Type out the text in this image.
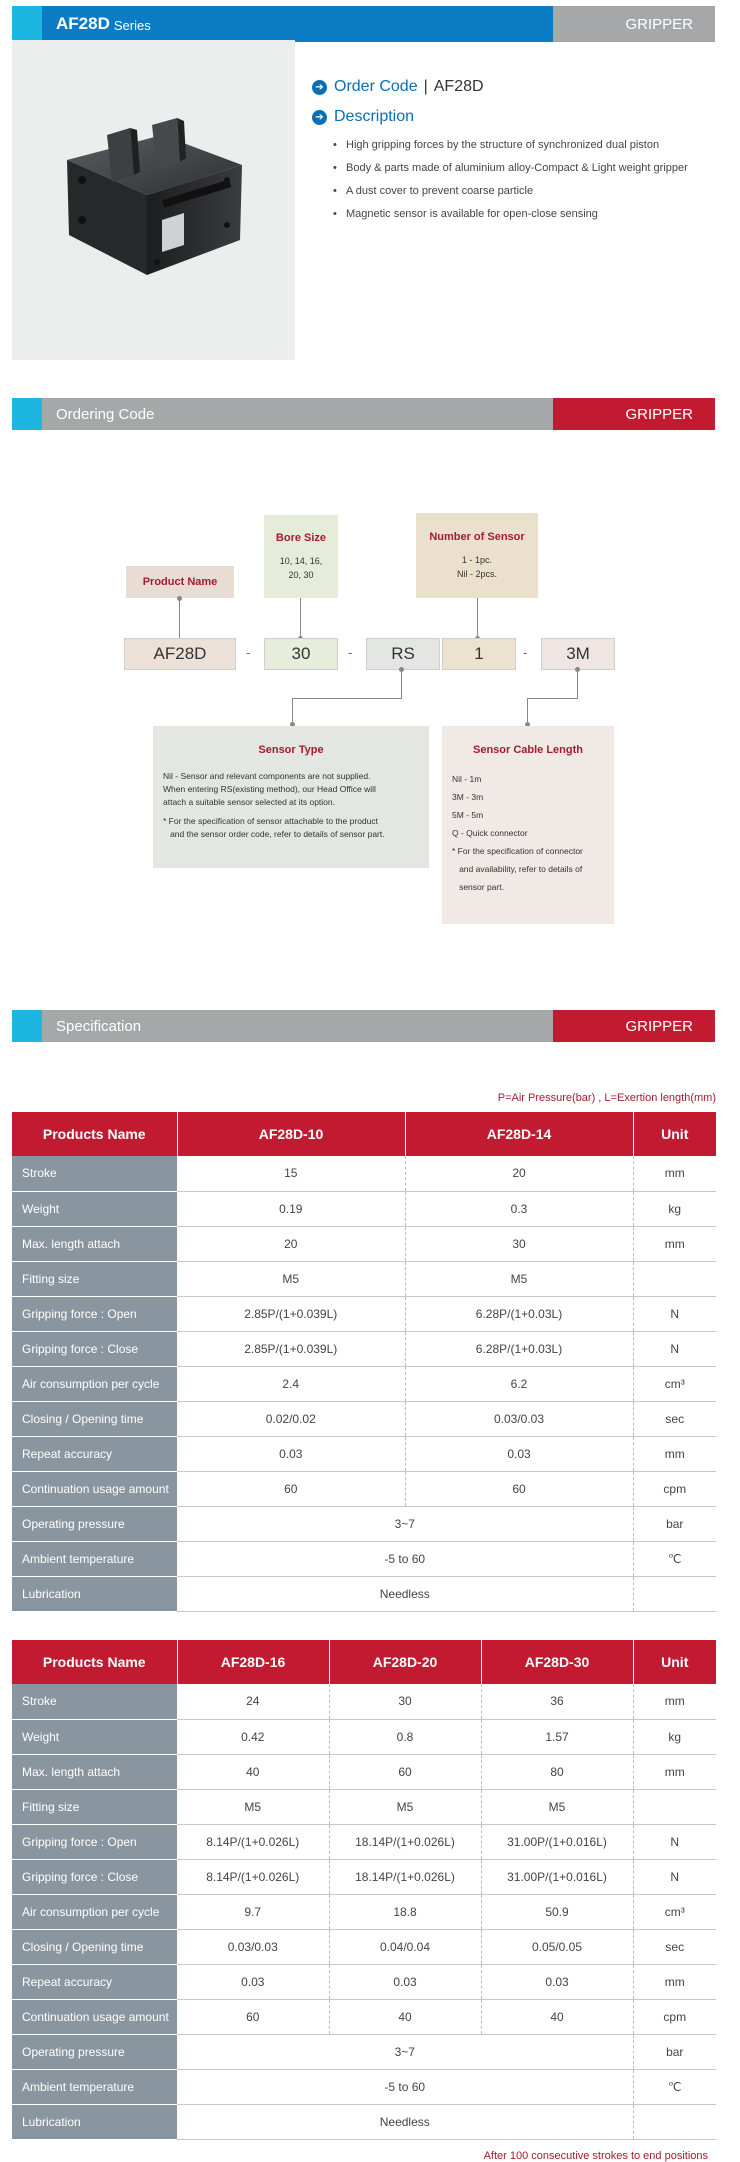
AF28D Series	GRIPPER
➔ Order Code | AF28D
➔ Description
• High gripping forces by the structure of synchronized dual piston
• Body & parts made of aluminium alloy-Compact & Light weight gripper
• A dust cover to prevent coarse particle
• Magnetic sensor is available for open-close sensing
Ordering Code	GRIPPER
Product Name
Bore Size
10, 14, 16,
20, 30
Number of Sensor
1 - 1pc.
Nil - 2pcs.
AF28D	-	30	-	RS	1	-	3M
Sensor Type
Nil - Sensor and relevant components are not supplied.
When entering RS(existing method), our Head Office will
attach a suitable sensor selected at its option.
* For the specification of sensor attachable to the product
and the sensor order code, refer to details of sensor part.
Sensor Cable Length
Nil - 1m
3M - 3m
5M - 5m
Q - Quick connector
* For the specification of connector
and availability, refer to details of
sensor part.
Specification	GRIPPER
P=Air Pressure(bar) , L=Exertion length(mm)
Products Name	AF28D-10	AF28D-14	Unit
Stroke	15	20	mm
Weight	0.19	0.3	kg
Max. length attach	20	30	mm
Fitting size	M5	M5	
Gripping force : Open	2.85P/(1+0.039L)	6.28P/(1+0.03L)	N
Gripping force : Close	2.85P/(1+0.039L)	6.28P/(1+0.03L)	N
Air consumption per cycle	2.4	6.2	cm³
Closing / Opening time	0.02/0.02	0.03/0.03	sec
Repeat accuracy	0.03	0.03	mm
Continuation usage amount	60	60	cpm
Operating pressure	3~7		bar
Ambient temperature	-5 to 60		℃
Lubrication	Needless		
Products Name	AF28D-16	AF28D-20	AF28D-30	Unit
Stroke	24	30	36	mm
Weight	0.42	0.8	1.57	kg
Max. length attach	40	60	80	mm
Fitting size	M5	M5	M5	
Gripping force : Open	8.14P/(1+0.026L)	18.14P/(1+0.026L)	31.00P/(1+0.016L)	N
Gripping force : Close	8.14P/(1+0.026L)	18.14P/(1+0.026L)	31.00P/(1+0.016L)	N
Air consumption per cycle	9.7	18.8	50.9	cm³
Closing / Opening time	0.03/0.03	0.04/0.04	0.05/0.05	sec
Repeat accuracy	0.03	0.03	0.03	mm
Continuation usage amount	60	40	40	cpm
Operating pressure	3~7			bar
Ambient temperature	-5 to 60			℃
Lubrication	Needless			
After 100 consecutive strokes to end positions
